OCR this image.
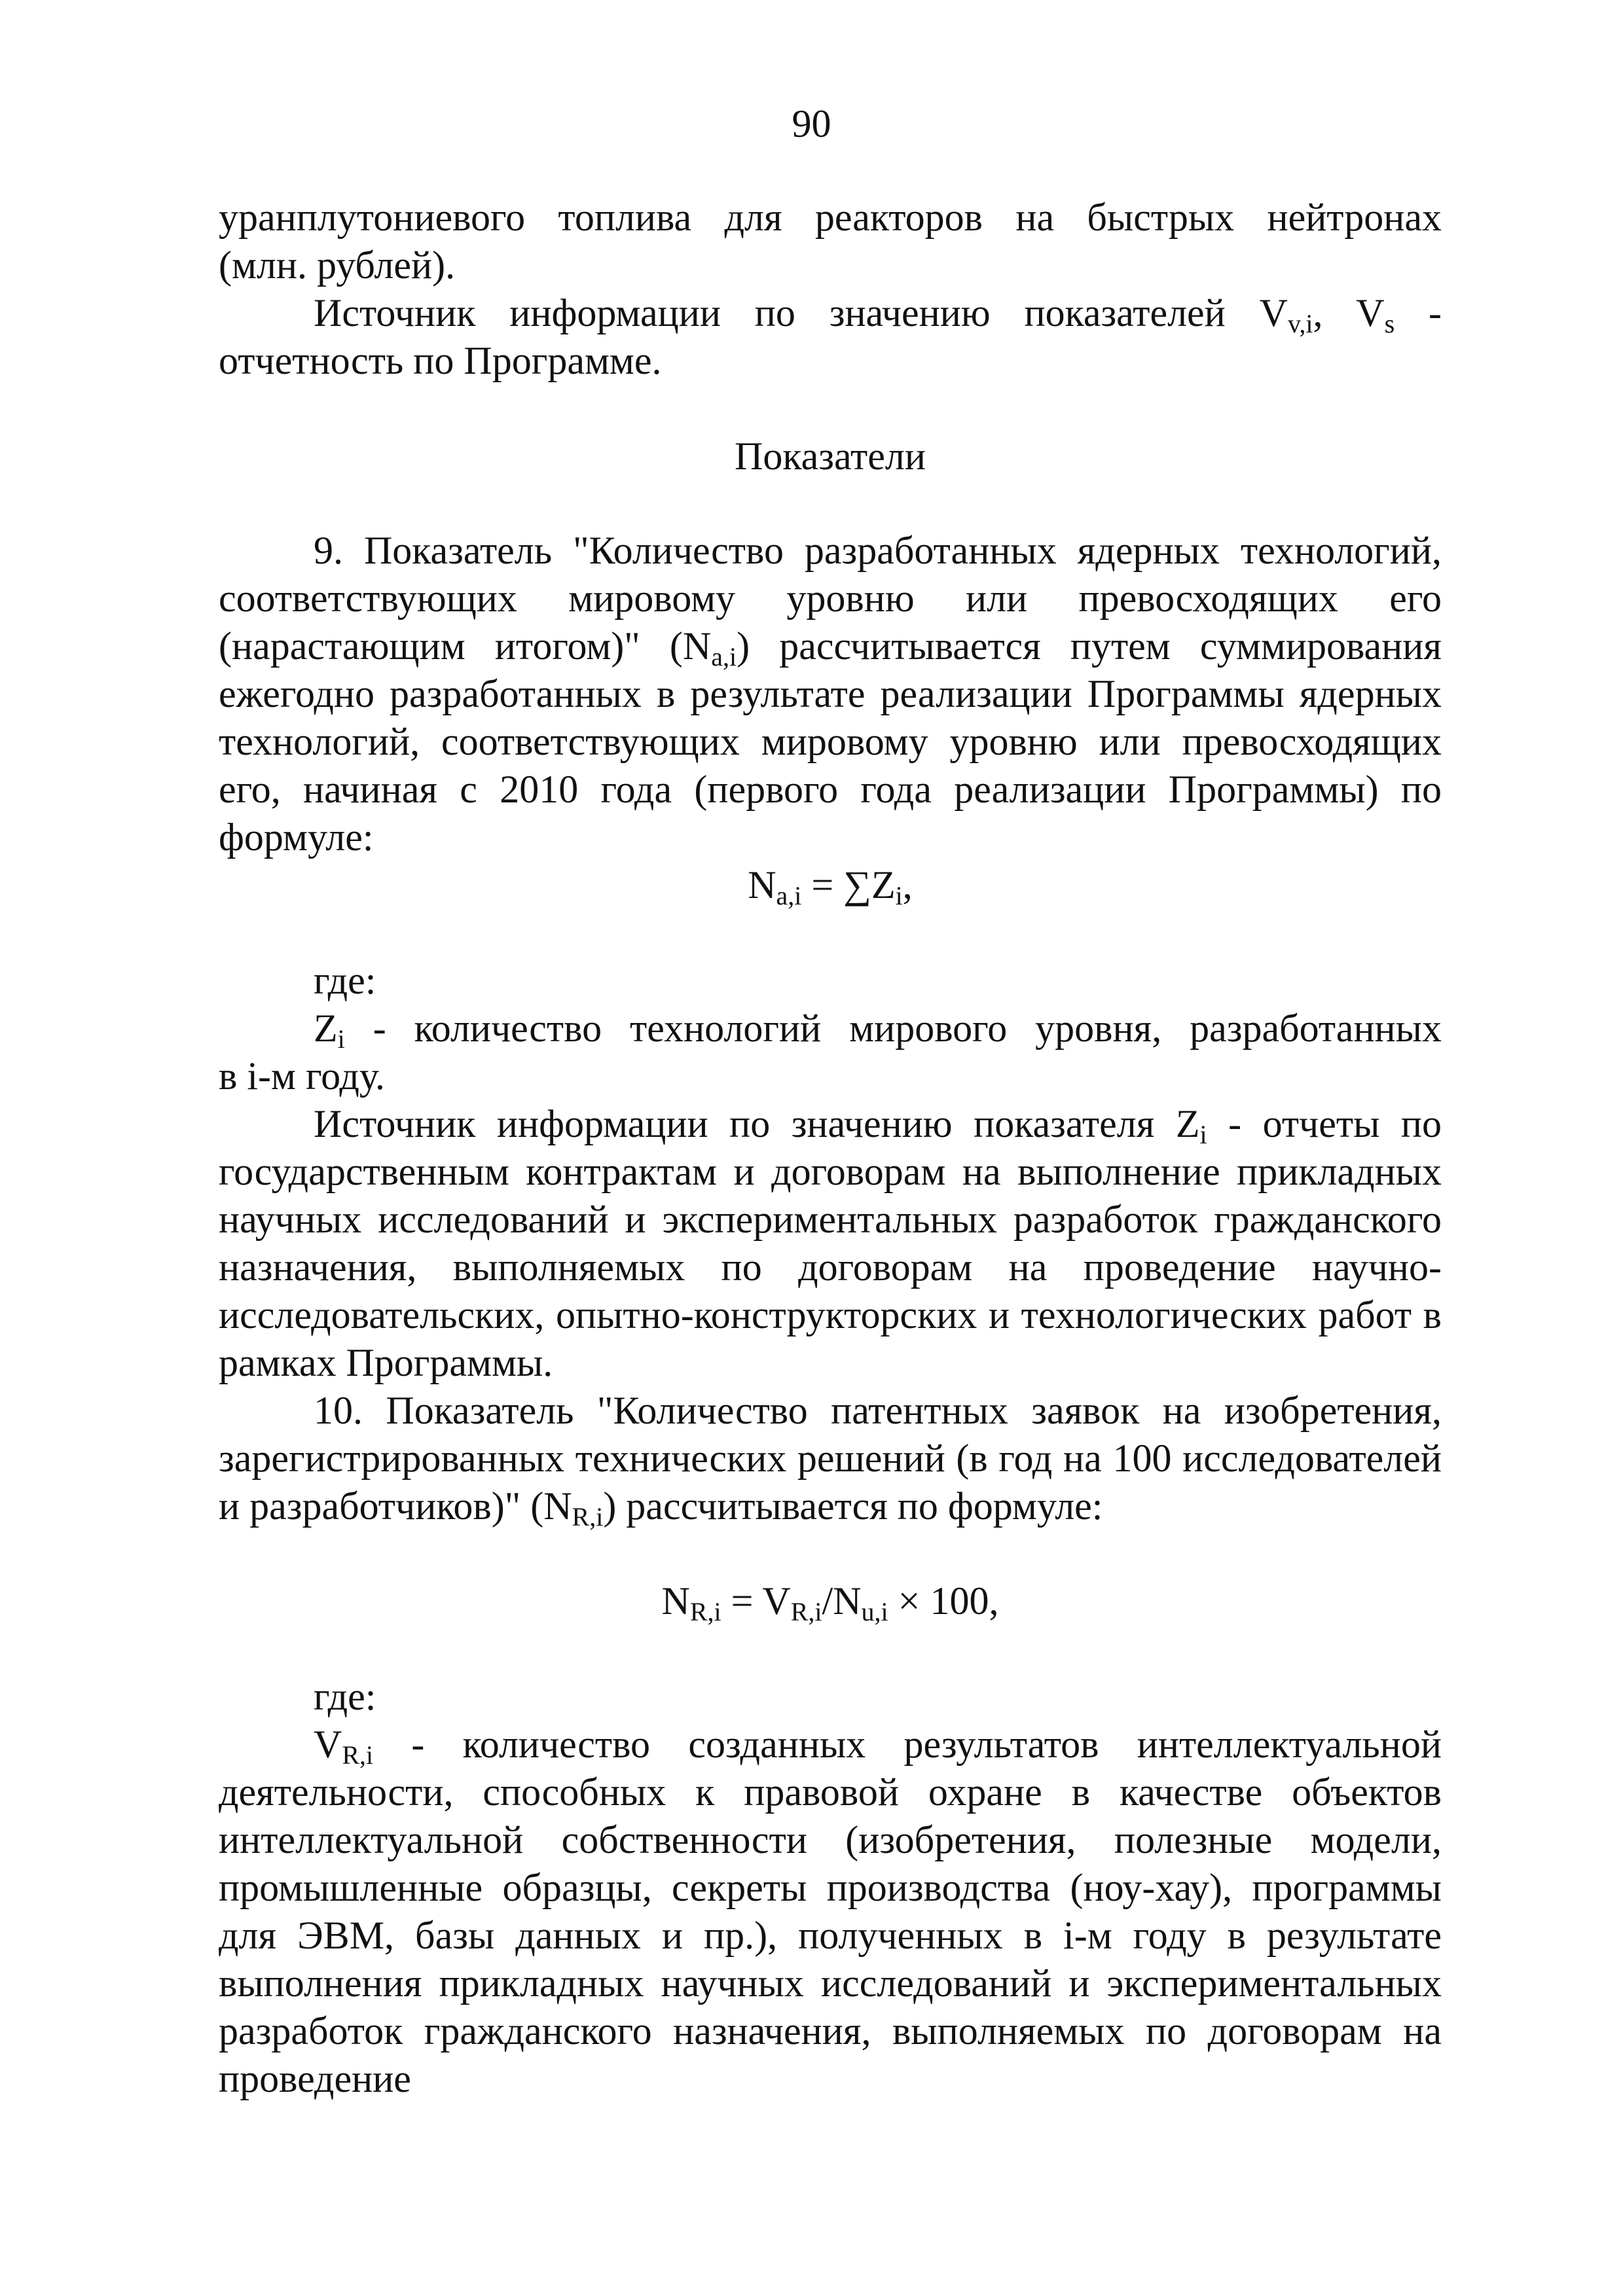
90
уранплутониевого топлива для реакторов на быстрых нейтронах
(млн. рублей).

Источник информации по значению показателей $V_{v,i}$, $V_s$ - отчетность по Программе.

Показатели

9. Показатель "Количество разработанных ядерных технологий, соответствующих мировому уровню или превосходящих его (нарастающим итогом)" $(N_{a,i})$ рассчитывается путем суммирования ежегодно разработанных в результате реализации Программы ядерных технологий, соответствующих мировому уровню или превосходящих его, начиная с 2010 года (первого года реализации Программы) по формуле:

$N_{a,i} = \sum Z_i$,
где:
$Z_i$ - количество технологий мирового уровня, разработанных
в i-м году.

Источник информации по значению показателя $Z_i$ - отчеты по государственным контрактам и договорам на выполнение прикладных научных исследований и экспериментальных разработок гражданского назначения, выполняемых по договорам на проведение научно-исследовательских, опытно-конструкторских и технологических работ в рамках Программы.

10. Показатель "Количество патентных заявок на изобретения, зарегистрированных технических решений (в год на 100 исследователей и разработчиков)" $(N_{R,i})$ рассчитывается по формуле:

$N_{R,i} = V_{R,i}/N_{u,i} \times 100$,
где:
$V_{R,i}$ - количество созданных результатов интеллектуальной

деятельности, способных к правовой охране в качестве объектов интеллектуальной собственности (изобретения, полезные модели, промышленные образцы, секреты производства (ноу-хау), программы для ЭВМ, базы данных и пр.), полученных в i-м году в результате выполнения прикладных научных исследований и экспериментальных разработок гражданского назначения, выполняемых по договорам на проведение
